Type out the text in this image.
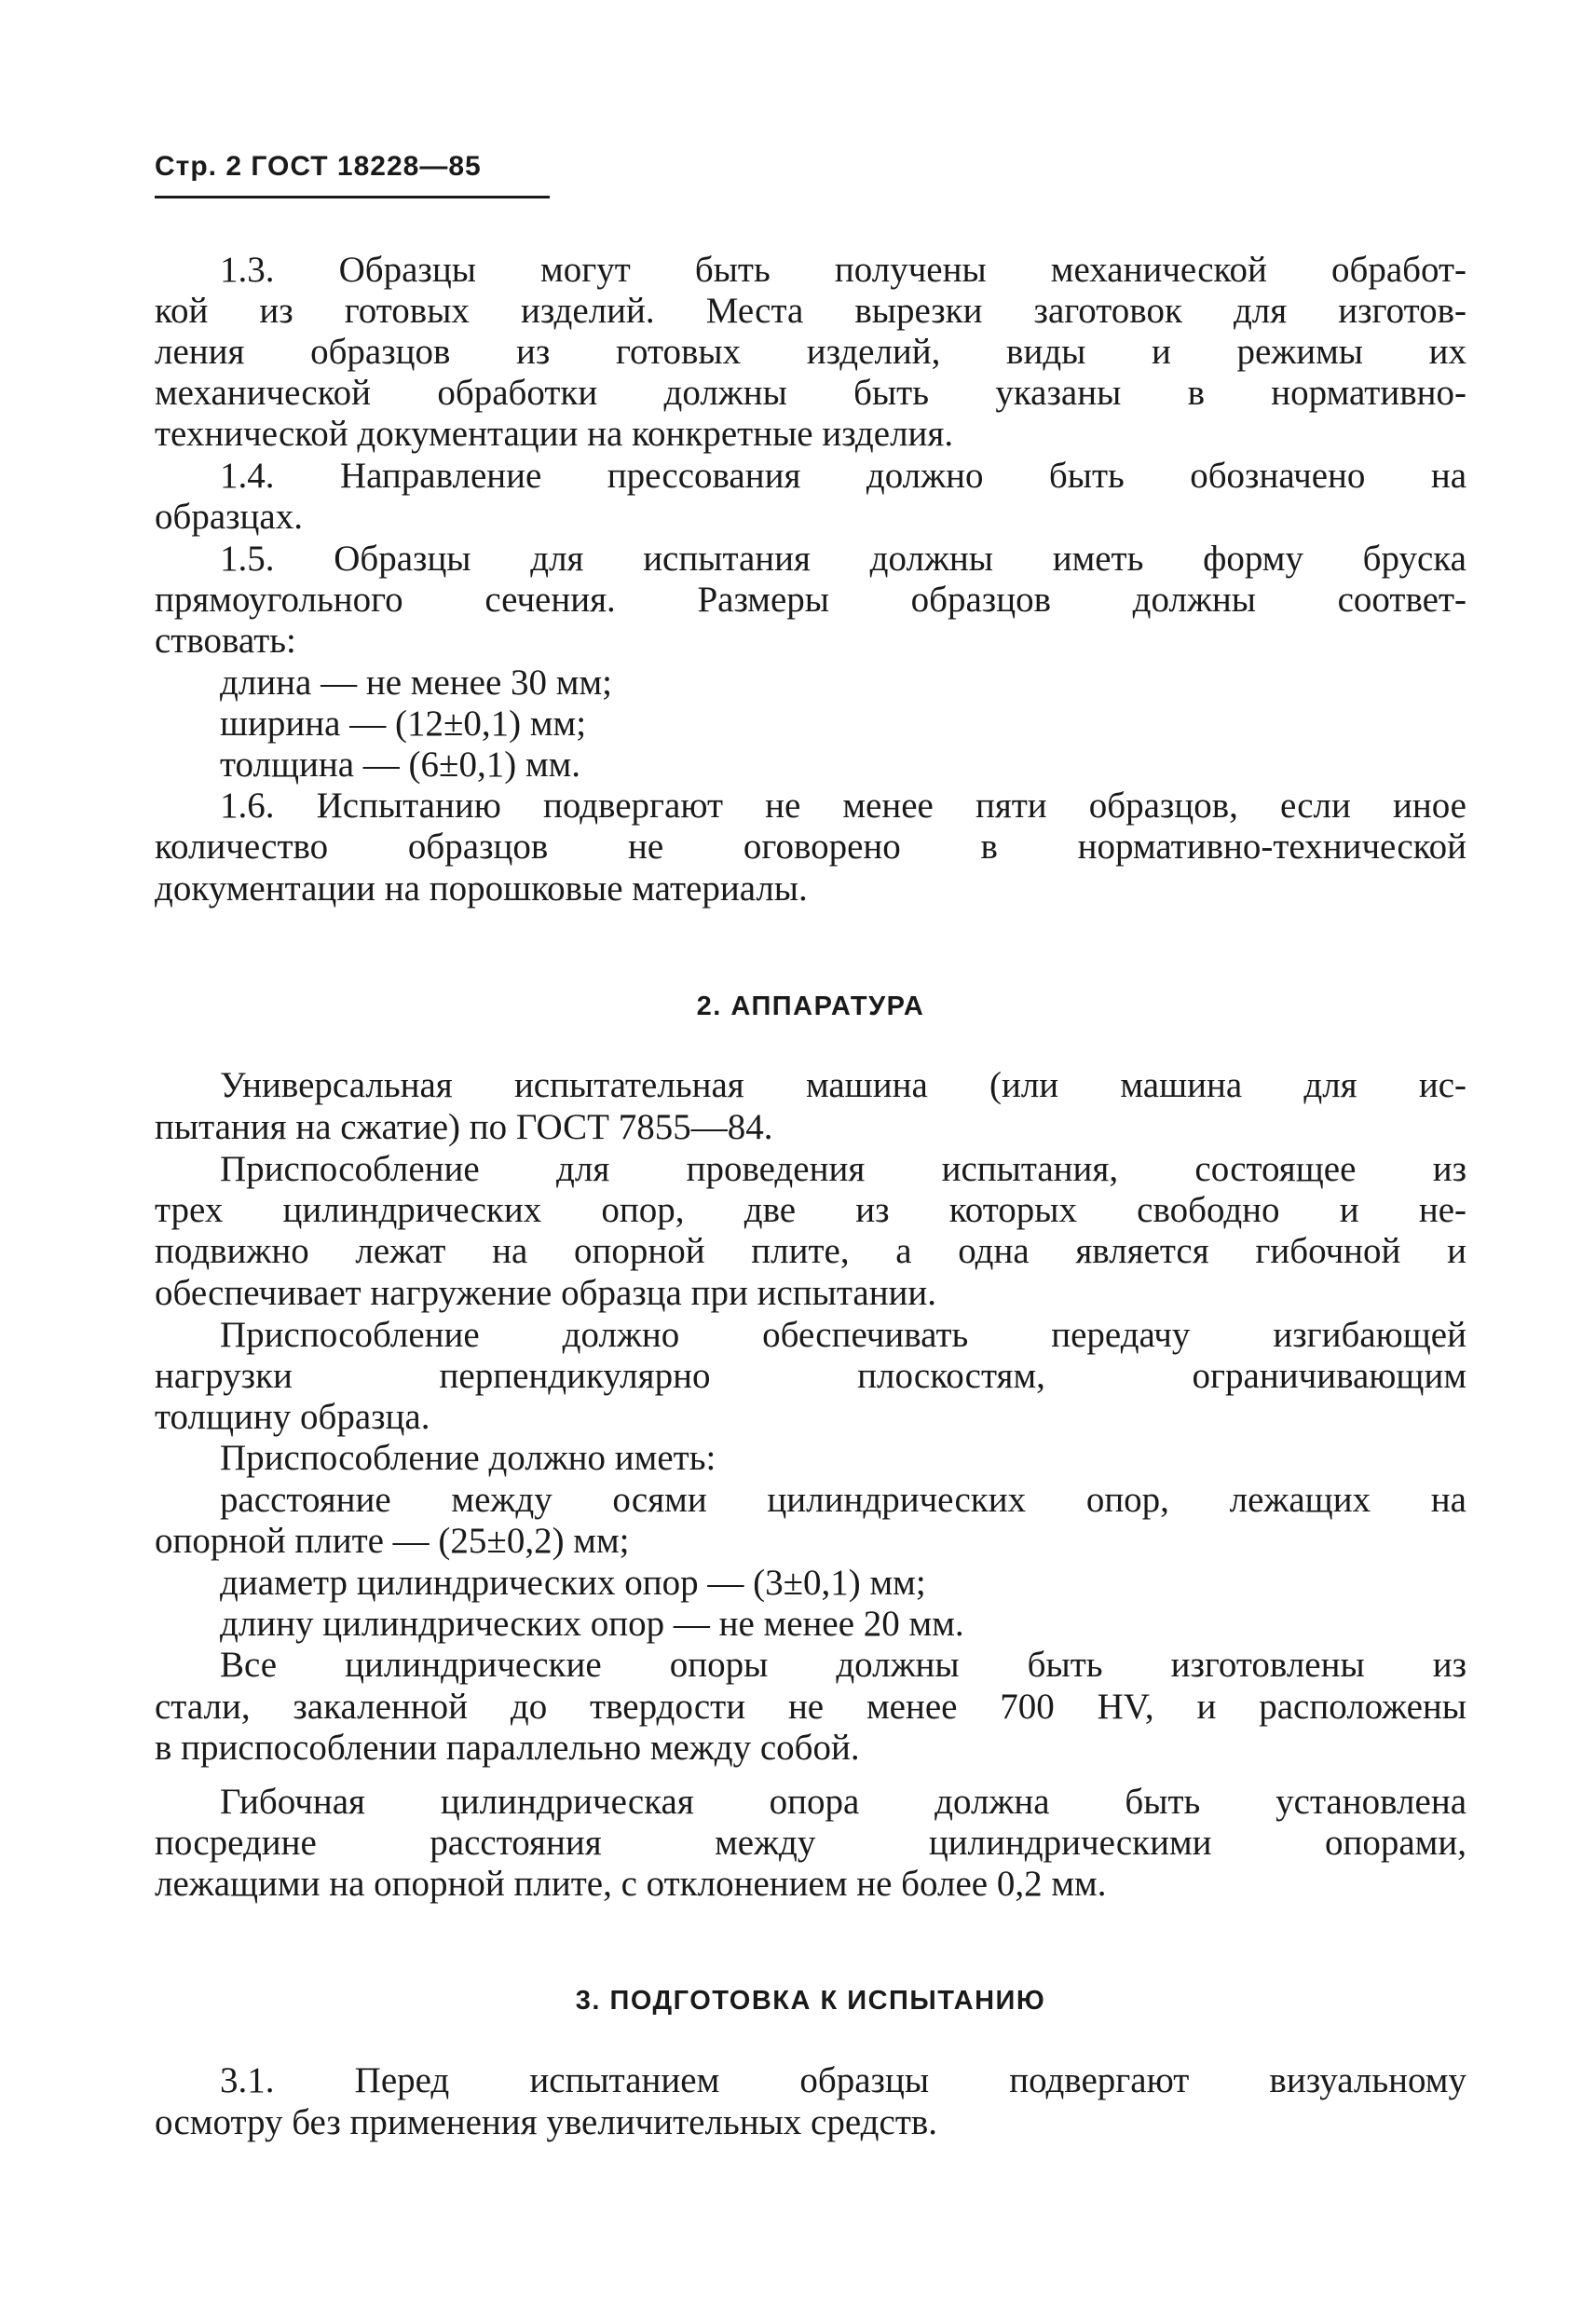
Стр. 2 ГОСТ 18228—85
1.3. Образцы могут быть получены механической обработ-
кой из готовых изделий. Места вырезки заготовок для изготов-
ления образцов из готовых изделий, виды и режимы их
механической обработки должны быть указаны в нормативно-
технической документации на конкретные изделия.
1.4. Направление прессования должно быть обозначено на
образцах.
1.5. Образцы для испытания должны иметь форму бруска
прямоугольного сечения. Размеры образцов должны соответ-
ствовать:
длина — не менее 30 мм;
ширина — (12±0,1) мм;
толщина — (6±0,1) мм.
1.6. Испытанию подвергают не менее пяти образцов, если иное
количество образцов не оговорено в нормативно-технической
документации на порошковые материалы.
2. АППАРАТУРА
Универсальная испытательная машина (или машина для ис-
пытания на сжатие) по ГОСТ 7855—84.
Приспособление для проведения испытания, состоящее из
трех цилиндрических опор, две из которых свободно и не-
подвижно лежат на опорной плите, а одна является гибочной и
обеспечивает нагружение образца при испытании.
Приспособление должно обеспечивать передачу изгибающей
нагрузки перпендикулярно плоскостям, ограничивающим
толщину образца.
Приспособление должно иметь:
расстояние между осями цилиндрических опор, лежащих на
опорной плите — (25±0,2) мм;
диаметр цилиндрических опор — (3±0,1) мм;
длину цилиндрических опор — не менее 20 мм.
Все цилиндрические опоры должны быть изготовлены из
стали, закаленной до твердости не менее 700 HV, и расположены
в приспособлении параллельно между собой.
Гибочная цилиндрическая опора должна быть установлена
посредине расстояния между цилиндрическими опорами,
лежащими на опорной плите, с отклонением не более 0,2 мм.
3. ПОДГОТОВКА К ИСПЫТАНИЮ
3.1. Перед испытанием образцы подвергают визуальному
осмотру без применения увеличительных средств.
